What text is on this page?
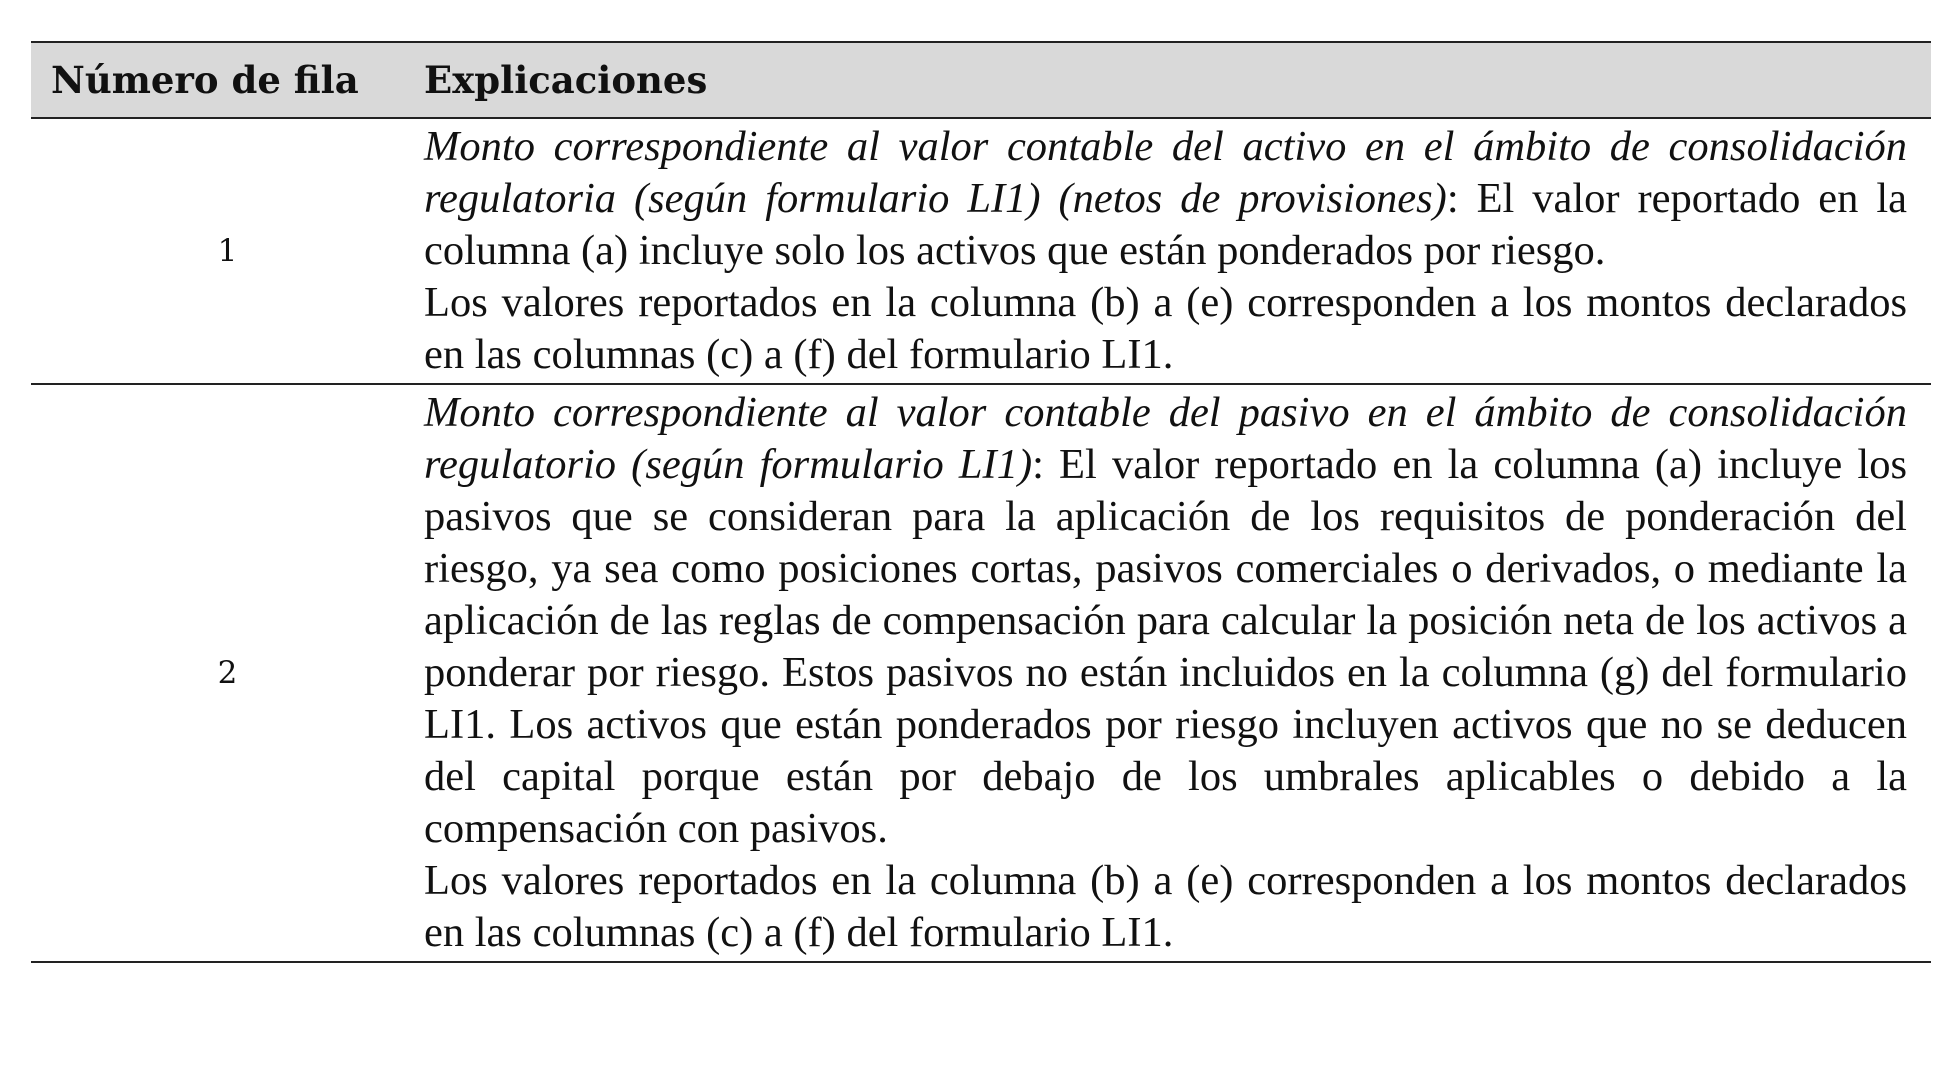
Número de fila	Explicaciones
1

Monto correspondiente al valor contable del activo en el ámbito de consolidación regulatoria (según formulario LI1) (netos de provisiones): El valor reportado en la columna (a) incluye solo los activos que están ponderados por riesgo.

Los valores reportados en la columna (b) a (e) corresponden a los montos declarados en las columnas (c) a (f) del formulario LI1.

2

Monto correspondiente al valor contable del pasivo en el ámbito de consolidación regulatorio (según formulario LI1): El valor reportado en la columna (a) incluye los pasivos que se consideran para la aplicación de los requisitos de ponderación del riesgo, ya sea como posiciones cortas, pasivos comerciales o derivados, o mediante la aplicación de las reglas de compensación para calcular la posición neta de los activos a ponderar por riesgo. Estos pasivos no están incluidos en la columna (g) del formulario LI1. Los activos que están ponderados por riesgo incluyen activos que no se deducen del capital porque están por debajo de los umbrales aplicables o debido a la compensación con pasivos.

Los valores reportados en la columna (b) a (e) corresponden a los montos declarados en las columnas (c) a (f) del formulario LI1.
